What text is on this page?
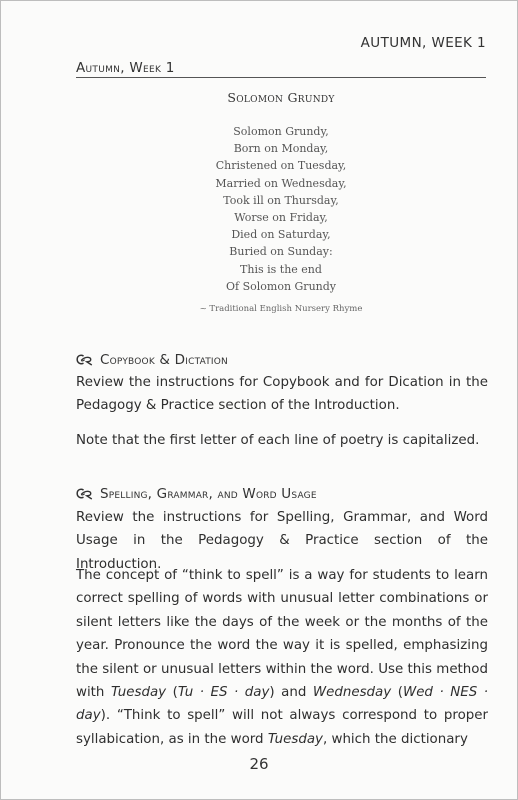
AUTUMN, WEEK 1
Autumn, Week 1
Solomon Grundy
Solomon Grundy,
Born on Monday,
Christened on Tuesday,
Married on Wednesday,
Took ill on Thursday,
Worse on Friday,
Died on Saturday,
Buried on Sunday:
This is the end
Of Solomon Grundy
~ Traditional English Nursery Rhyme
Copybook & Dictation
Review the instructions for Copybook and for Dication in the Pedagogy & Practice section of the Introduction.
Note that the first letter of each line of poetry is capitalized.
Spelling, Grammar, and Word Usage
Review the instructions for Spelling, Grammar, and Word Usage in the Pedagogy & Practice section of the Introduction.
The concept of “think to spell” is a way for students to learn correct spelling of words with unusual letter combinations or silent letters like the days of the week or the months of the year. Pronounce the word the way it is spelled, emphasizing the silent or unusual letters within the word. Use this method with Tuesday (Tu · ES · day) and Wednesday (Wed · NES · day). “Think to spell” will not always correspond to proper syllabication, as in the word Tuesday, which the dictionary
26
